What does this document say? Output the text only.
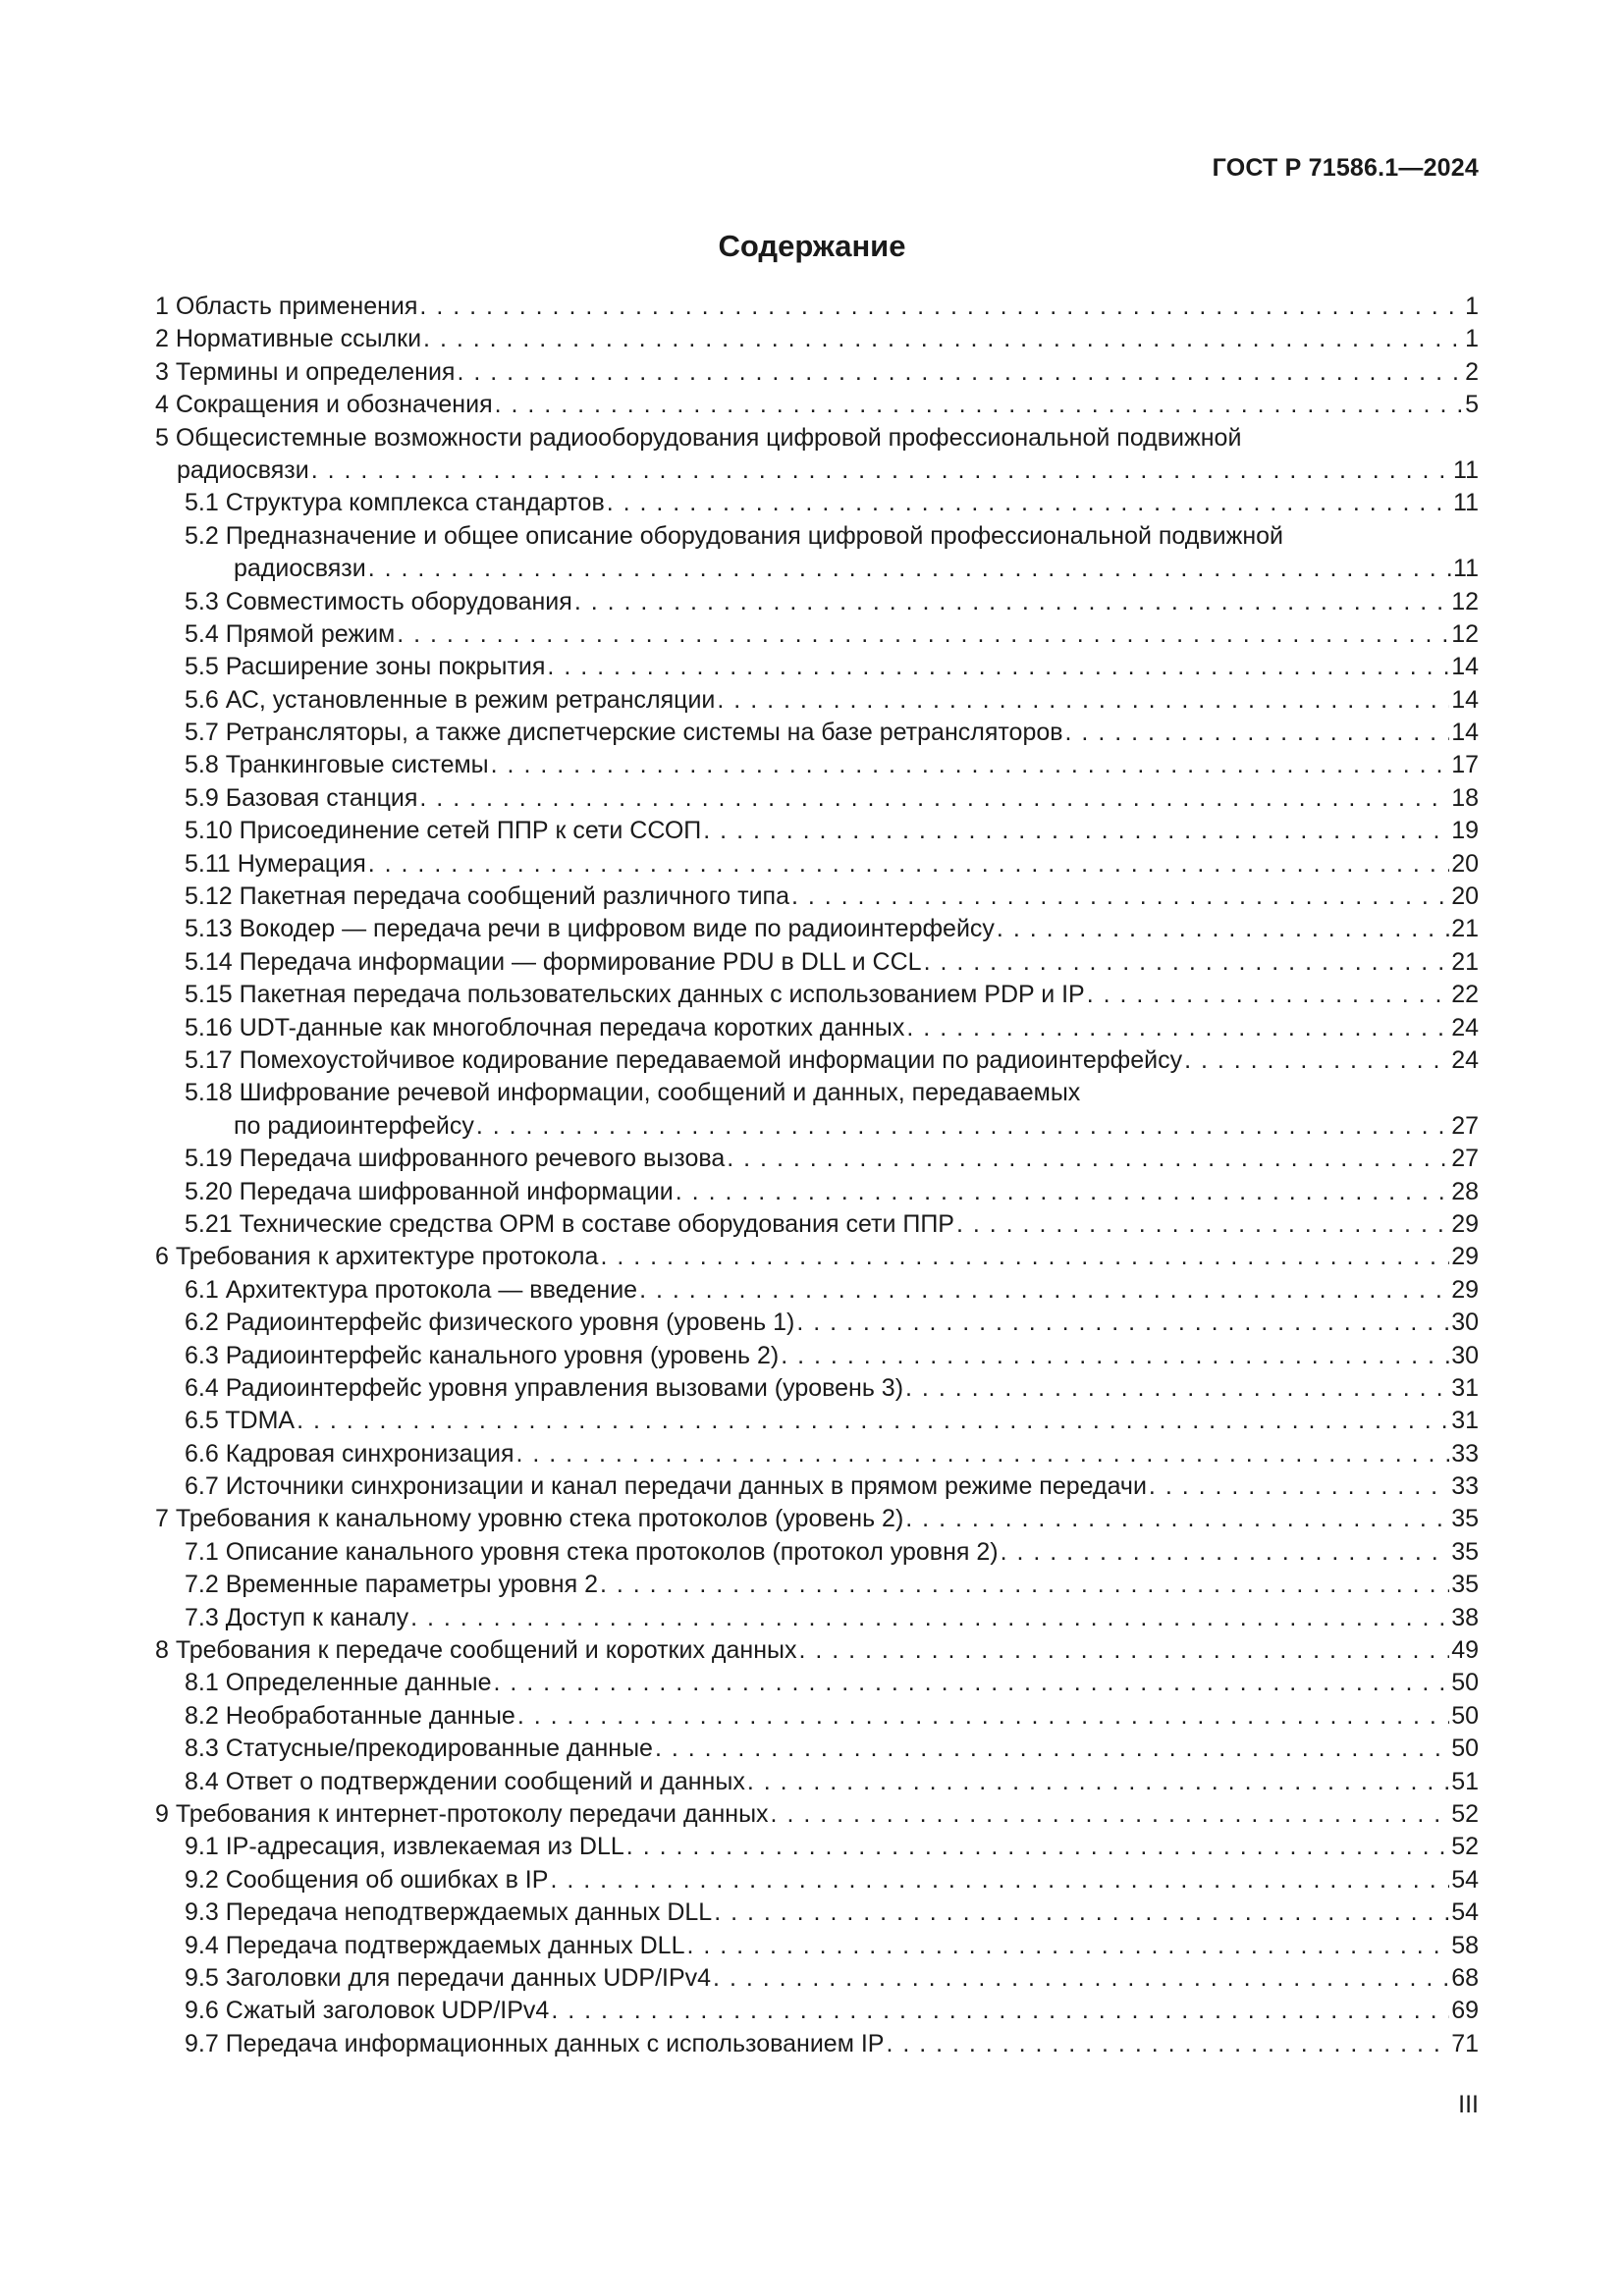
ГОСТ Р 71586.1—2024
Содержание
1 Область применения . . .	1
2 Нормативные ссылки . . .	1
3 Термины и определения . . .	2
4 Сокращения и обозначения . . .	5
5 Общесистемные возможности радиооборудования цифровой профессиональной подвижной
радиосвязи . . .	11
5.1 Структура комплекса стандартов . . .	11
5.2 Предназначение и общее описание оборудования цифровой профессиональной подвижной
радиосвязи . . .	11
5.3 Совместимость оборудования . . .	12
5.4 Прямой режим . . .	12
5.5 Расширение зоны покрытия . . .	14
5.6 АС, установленные в режим ретрансляции . . .	14
5.7 Ретрансляторы, а также диспетчерские системы на базе ретрансляторов . . .	14
5.8 Транкинговые системы . . .	17
5.9 Базовая станция . . .	18
5.10 Присоединение сетей ППР к сети ССОП . . .	19
5.11 Нумерация . . .	20
5.12 Пакетная передача сообщений различного типа . . .	20
5.13 Вокодер — передача речи в цифровом виде по радиоинтерфейсу . . .	21
5.14 Передача информации — формирование PDU в DLL и CCL . . .	21
5.15 Пакетная передача пользовательских данных с использованием PDP и IP . . .	22
5.16 UDT-данные как многоблочная передача коротких данных . . .	24
5.17 Помехоустойчивое кодирование передаваемой информации по радиоинтерфейсу . . .	24
5.18 Шифрование речевой информации, сообщений и данных, передаваемых
по радиоинтерфейсу . . .	27
5.19 Передача шифрованного речевого вызова . . .	27
5.20 Передача шифрованной информации . . .	28
5.21 Технические средства ОРМ в составе оборудования сети ППР . . .	29
6 Требования к архитектуре протокола . . .	29
6.1 Архитектура протокола — введение . . .	29
6.2 Радиоинтерфейс физического уровня (уровень 1) . . .	30
6.3 Радиоинтерфейс канального уровня (уровень 2) . . .	30
6.4 Радиоинтерфейс уровня управления вызовами (уровень 3) . . .	31
6.5 TDMA . . .	31
6.6 Кадровая синхронизация . . .	33
6.7 Источники синхронизации и канал передачи данных в прямом режиме передачи . . .	33
7 Требования к канальному уровню стека протоколов (уровень 2) . . .	35
7.1 Описание канального уровня стека протоколов (протокол уровня 2) . . .	35
7.2 Временные параметры уровня 2 . . .	35
7.3 Доступ к каналу . . .	38
8 Требования к передаче сообщений и коротких данных . . .	49
8.1 Определенные данные . . .	50
8.2 Необработанные данные . . .	50
8.3 Статусные/прекодированные данные . . .	50
8.4 Ответ о подтверждении сообщений и данных . . .	51
9 Требования к интернет-протоколу передачи данных . . .	52
9.1 IP-адресация, извлекаемая из DLL . . .	52
9.2 Сообщения об ошибках в IP . . .	54
9.3 Передача неподтверждаемых данных DLL . . .	54
9.4 Передача подтверждаемых данных DLL . . .	58
9.5 Заголовки для передачи данных UDP/IPv4 . . .	68
9.6 Сжатый заголовок UDP/IPv4 . . .	69
9.7 Передача информационных данных с использованием IP . . .	71
III
